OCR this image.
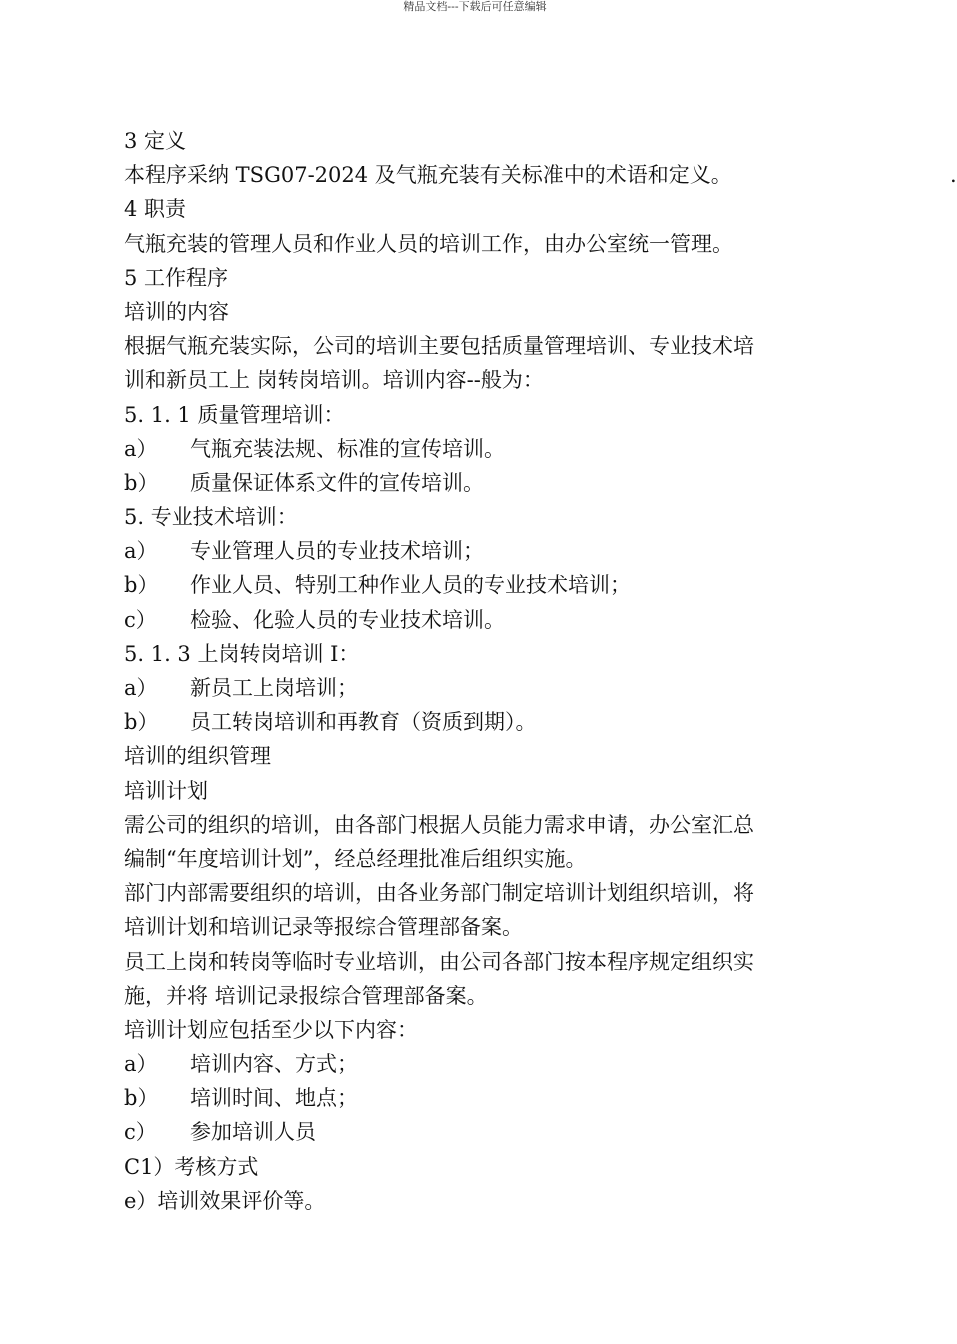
精品文档---下载后可任意编辑
3 定义
本程序采纳 TSG07-2024 及气瓶充装有关标准中的术语和定义。	.
4 职责
气瓶充装的管理人员和作业人员的培训工作，由办公室统一管理。
5 工作程序
培训的内容
根据气瓶充装实际，公司的培训主要包括质量管理培训、专业技术培
训和新员工上 岗转岗培训。培训内容--般为：
5. 1. 1 质量管理培训：
a）	气瓶充装法规、标准的宣传培训。
b）	质量保证体系文件的宣传培训。
5. 专业技术培训：
a）	专业管理人员的专业技术培训；
b）	作业人员、特别工种作业人员的专业技术培训；
c）	检验、化验人员的专业技术培训。
5. 1. 3 上岗转岗培训 I：
a）	新员工上岗培训；
b）	员工转岗培训和再教育（资质到期）。
培训的组织管理
培训计划
需公司的组织的培训，由各部门根据人员能力需求申请，办公室汇总
编制“年度培训计划”，经总经理批准后组织实施。
部门内部需要组织的培训，由各业务部门制定培训计划组织培训，将
培训计划和培训记录等报综合管理部备案。
员工上岗和转岗等临时专业培训，由公司各部门按本程序规定组织实
施，并将 培训记录报综合管理部备案。
培训计划应包括至少以下内容：
a）	培训内容、方式；
b）	培训时间、地点；
c）	参加培训人员
C1）考核方式
e）培训效果评价等。
